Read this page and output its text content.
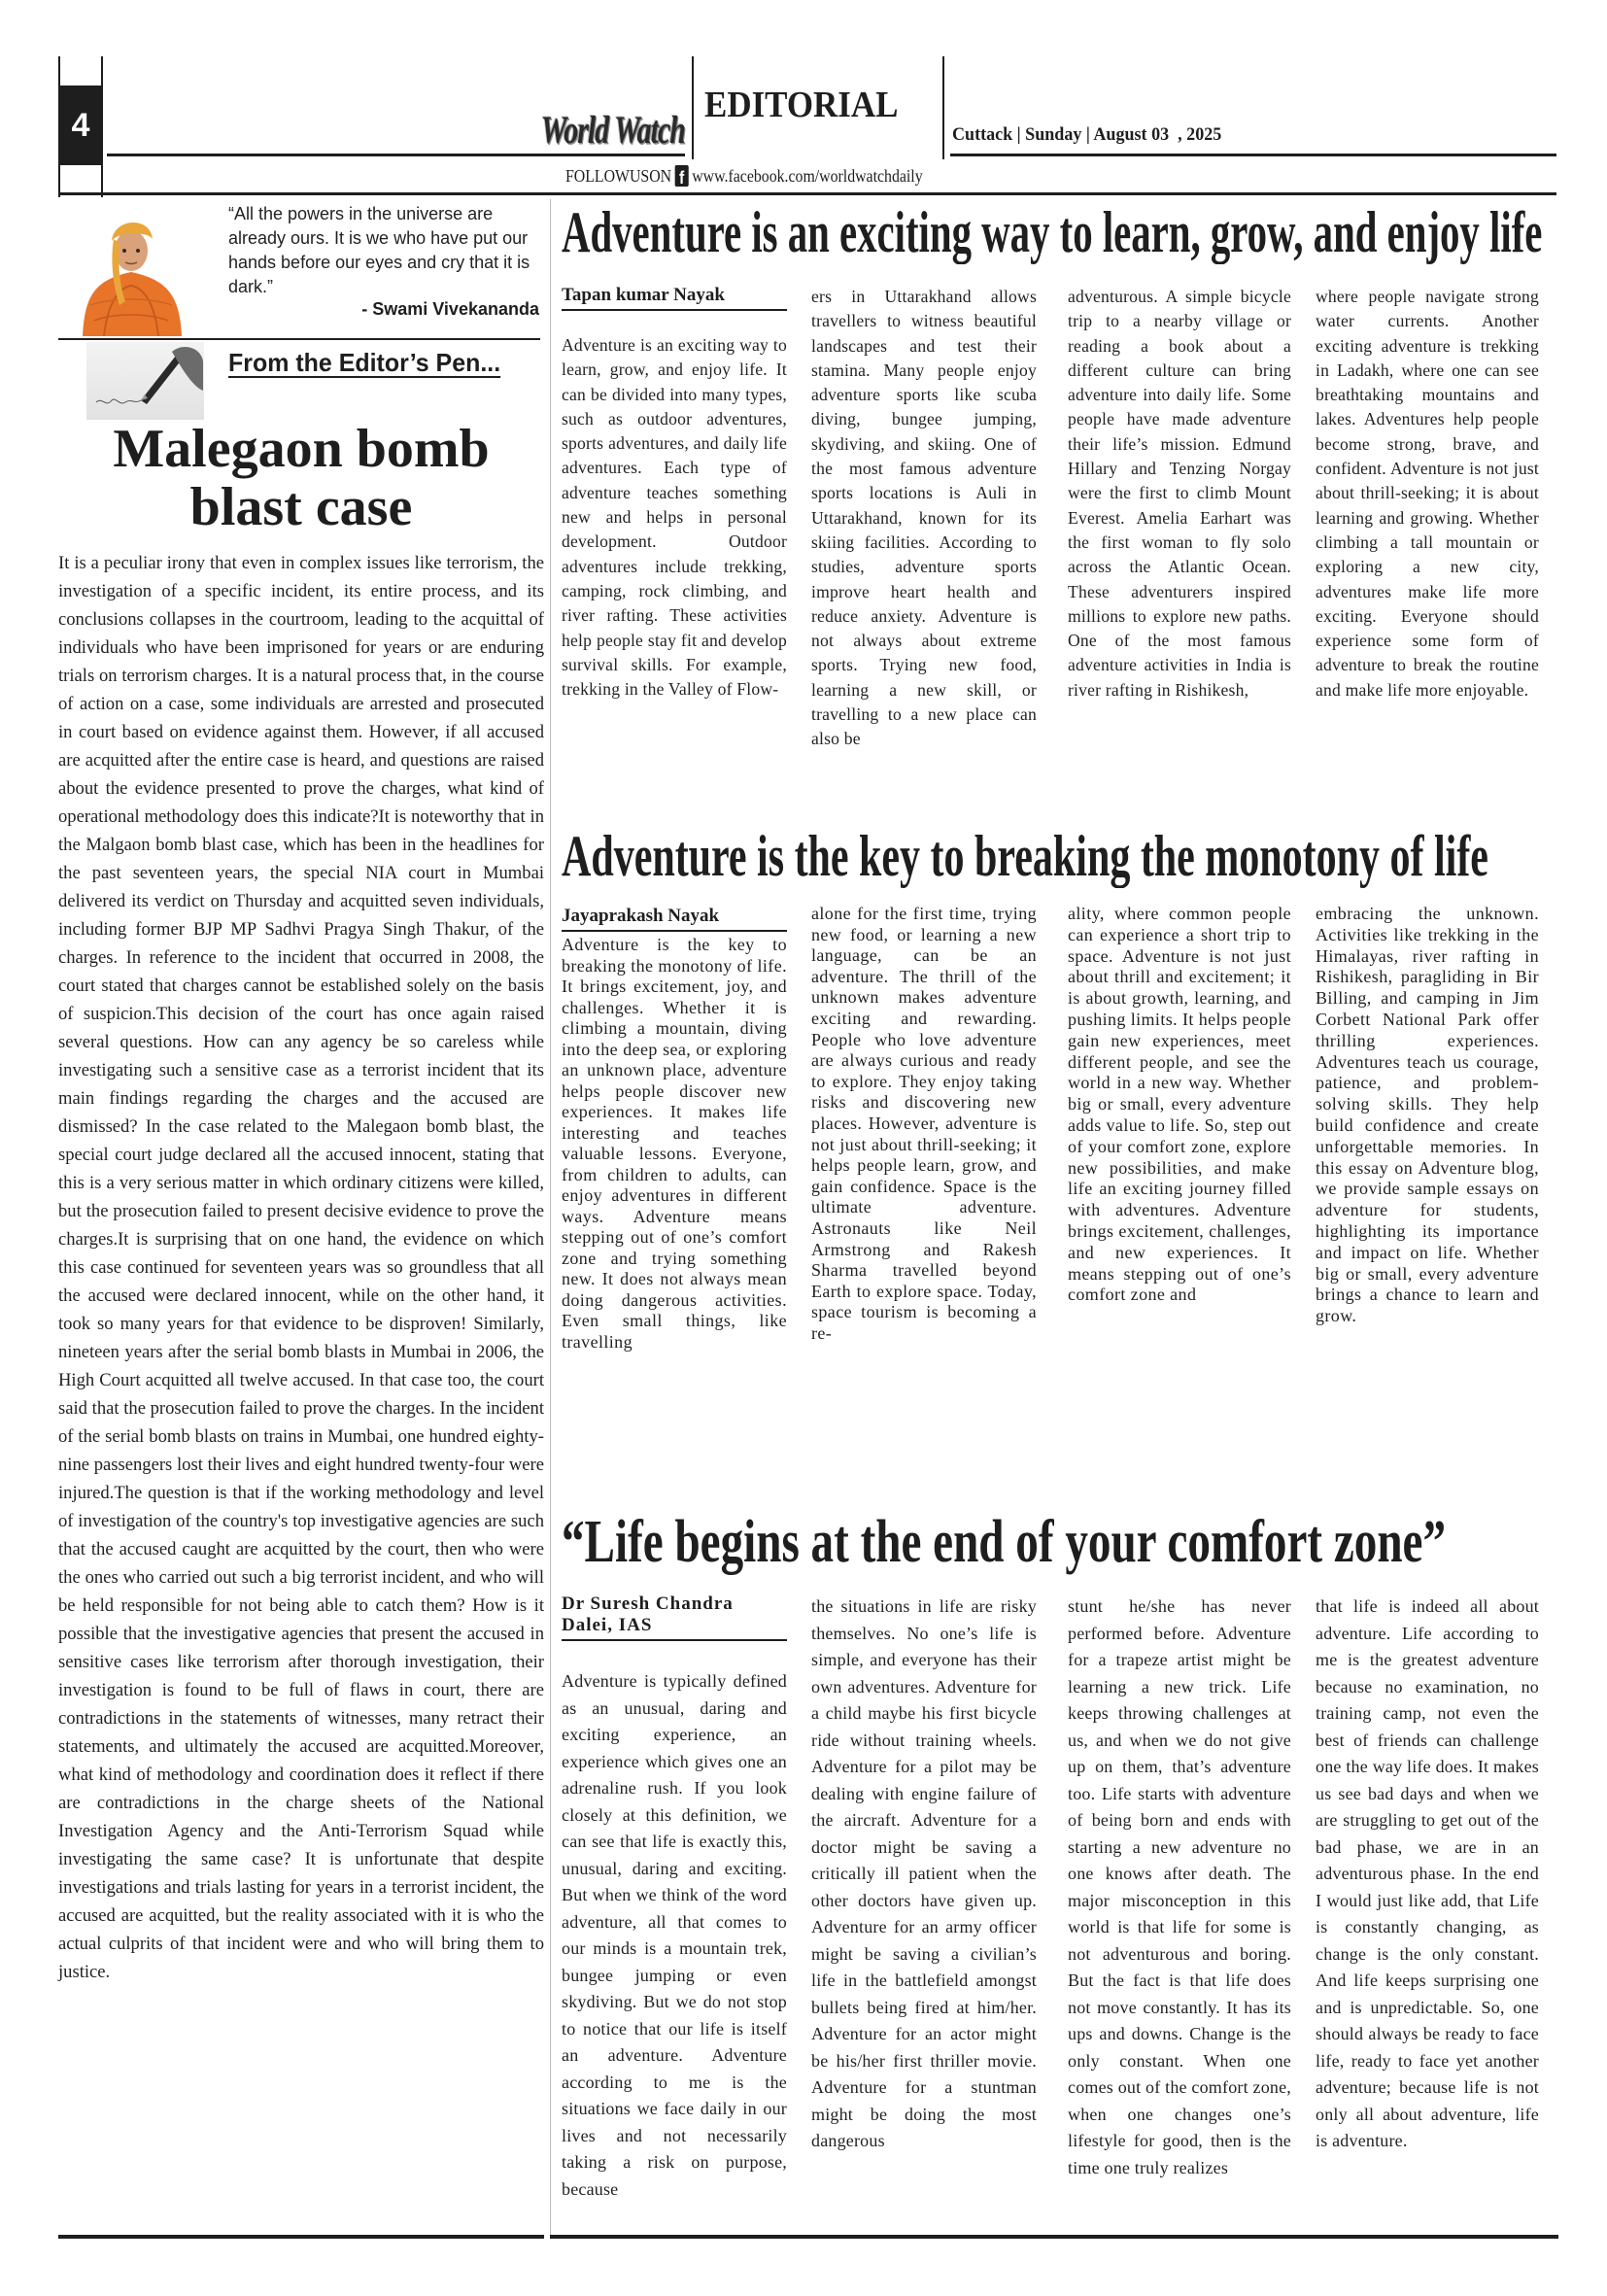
4	World Watch
EDITORIAL
Cuttack | Sunday | August 03  , 2025
FOLLOWUSON f www.facebook.com/worldwatchdaily
“All the powers in the universe are already ours. It is we who have put our hands before our eyes and cry that it is dark.”
- Swami Vivekananda
From the Editor’s Pen...
Malegaon bomb
blast case
It is a peculiar irony that even in complex issues like terrorism, the investigation of a specific incident, its entire process, and its conclusions collapses in the courtroom, leading to the acquittal of individuals who have been imprisoned for years or are enduring trials on terrorism charges. It is a natural process that, in the course of action on a case, some individuals are arrested and prosecuted in court based on evidence against them. However, if all accused are acquitted after the entire case is heard, and questions are raised about the evidence presented to prove the charges, what kind of operational methodology does this indicate?It is noteworthy that in the Malgaon bomb blast case, which has been in the headlines for the past seventeen years, the special NIA court in Mumbai delivered its verdict on Thursday and acquitted seven individuals, including former BJP MP Sadhvi Pragya Singh Thakur, of the charges. In reference to the incident that occurred in 2008, the court stated that charges cannot be established solely on the basis of suspicion.This decision of the court has once again raised several questions. How can any agency be so careless while investigating such a sensitive case as a terrorist incident that its main findings regarding the charges and the accused are dismissed? In the case related to the Malegaon bomb blast, the special court judge declared all the accused innocent, stating that this is a very serious matter in which ordinary citizens were killed, but the prosecution failed to present decisive evidence to prove the charges.It is surprising that on one hand, the evidence on which this case continued for seventeen years was so groundless that all the accused were declared innocent, while on the other hand, it took so many years for that evidence to be disproven! Similarly, nineteen years after the serial bomb blasts in Mumbai in 2006, the High Court acquitted all twelve accused. In that case too, the court said that the prosecution failed to prove the charges. In the incident of the serial bomb blasts on trains in Mumbai, one hundred eighty-nine passengers lost their lives and eight hundred twenty-four were injured.The question is that if the working methodology and level of investigation of the country's top investigative agencies are such that the accused caught are acquitted by the court, then who were the ones who carried out such a big terrorist incident, and who will be held responsible for not being able to catch them? How is it possible that the investigative agencies that present the accused in sensitive cases like terrorism after thorough investigation, their investigation is found to be full of flaws in court, there are contradictions in the statements of witnesses, many retract their statements, and ultimately the accused are acquitted.Moreover, what kind of methodology and coordination does it reflect if there are contradictions in the charge sheets of the National Investigation Agency and the Anti-Terrorism Squad while investigating the same case? It is unfortunate that despite investigations and trials lasting for years in a terrorist incident, the accused are acquitted, but the reality associated with it is who the actual culprits of that incident were and who will bring them to justice.
Adventure is an exciting way to learn, grow, and enjoy life
Tapan kumar Nayak
Adventure is an exciting way to learn, grow, and enjoy life. It can be divided into many types, such as outdoor adventures, sports adventures, and daily life adventures. Each type of adventure teaches something new and helps in personal development. Outdoor adventures include trekking, camping, rock climbing, and river rafting. These activities help people stay fit and develop survival skills. For example, trekking in the Valley of Flow-
ers in Uttarakhand allows travellers to witness beautiful landscapes and test their stamina. Many people enjoy adventure sports like scuba diving, bungee jumping, skydiving, and skiing. One of the most famous adventure sports locations is Auli in Uttarakhand, known for its skiing facilities. According to studies, adventure sports improve heart health and reduce anxiety. Adventure is not always about extreme sports. Trying new food, learning a new skill, or travelling to a new place can also be
adventurous. A simple bicycle trip to a nearby village or reading a book about a different culture can bring adventure into daily life. Some people have made adventure their life’s mission. Edmund Hillary and Tenzing Norgay were the first to climb Mount Everest. Amelia Earhart was the first woman to fly solo across the Atlantic Ocean. These adventurers inspired millions to explore new paths. One of the most famous adventure activities in India is river rafting in Rishikesh,
where people navigate strong water currents. Another exciting adventure is trekking in Ladakh, where one can see breathtaking mountains and lakes. Adventures help people become strong, brave, and confident. Adventure is not just about thrill-seeking; it is about learning and growing. Whether climbing a tall mountain or exploring a new city, adventures make life more exciting. Everyone should experience some form of adventure to break the routine and make life more enjoyable.
Adventure is the key to breaking the monotony of life
Jayaprakash Nayak
Adventure is the key to breaking the monotony of life. It brings excitement, joy, and challenges. Whether it is climbing a mountain, diving into the deep sea, or exploring an unknown place, adventure helps people discover new experiences. It makes life interesting and teaches valuable lessons. Everyone, from children to adults, can enjoy adventures in different ways. Adventure means stepping out of one’s comfort zone and trying something new. It does not always mean doing dangerous activities. Even small things, like travelling
alone for the first time, trying new food, or learning a new language, can be an adventure. The thrill of the unknown makes adventure exciting and rewarding. People who love adventure are always curious and ready to explore. They enjoy taking risks and discovering new places. However, adventure is not just about thrill-seeking; it helps people learn, grow, and gain confidence. Space is the ultimate adventure. Astronauts like Neil Armstrong and Rakesh Sharma travelled beyond Earth to explore space. Today, space tourism is becoming a re-
ality, where common people can experience a short trip to space. Adventure is not just about thrill and excitement; it is about growth, learning, and pushing limits. It helps people gain new experiences, meet different people, and see the world in a new way. Whether big or small, every adventure adds value to life. So, step out of your comfort zone, explore new possibilities, and make life an exciting journey filled with adventures. Adventure brings excitement, challenges, and new experiences. It means stepping out of one’s comfort zone and
embracing the unknown. Activities like trekking in the Himalayas, river rafting in Rishikesh, paragliding in Bir Billing, and camping in Jim Corbett National Park offer thrilling experiences. Adventures teach us courage, patience, and problem-solving skills. They help build confidence and create unforgettable memories. In this essay on Adventure blog, we provide sample essays on adventure for students, highlighting its importance and impact on life. Whether big or small, every adventure brings a chance to learn and grow.
“Life begins at the end of your comfort zone”
Dr Suresh Chandra Dalei, IAS
Adventure is typically defined as an unusual, daring and exciting experience, an experience which gives one an adrenaline rush. If you look closely at this definition, we can see that life is exactly this, unusual, daring and exciting. But when we think of the word adventure, all that comes to our minds is a mountain trek, bungee jumping or even skydiving. But we do not stop to notice that our life is itself an adventure. Adventure according to me is the situations we face daily in our lives and not necessarily taking a risk on purpose, because
the situations in life are risky themselves. No one’s life is simple, and everyone has their own adventures. Adventure for a child maybe his first bicycle ride without training wheels. Adventure for a pilot may be dealing with engine failure of the aircraft. Adventure for a doctor might be saving a critically ill patient when the other doctors have given up. Adventure for an army officer might be saving a civilian’s life in the battlefield amongst bullets being fired at him/her. Adventure for an actor might be his/her first thriller movie. Adventure for a stuntman might be doing the most dangerous
stunt he/she has never performed before. Adventure for a trapeze artist might be learning a new trick. Life keeps throwing challenges at us, and when we do not give up on them, that’s adventure too. Life starts with adventure of being born and ends with starting a new adventure no one knows after death. The major misconception in this world is that life for some is not adventurous and boring. But the fact is that life does not move constantly. It has its ups and downs. Change is the only constant. When one comes out of the comfort zone, when one changes one’s lifestyle for good, then is the time one truly realizes
that life is indeed all about adventure. Life according to me is the greatest adventure because no examination, no training camp, not even the best of friends can challenge one the way life does. It makes us see bad days and when we are struggling to get out of the bad phase, we are in an adventurous phase. In the end I would just like add, that Life is constantly changing, as change is the only constant. And life keeps surprising one and is unpredictable. So, one should always be ready to face life, ready to face yet another adventure; because life is not only all about adventure, life is adventure.
